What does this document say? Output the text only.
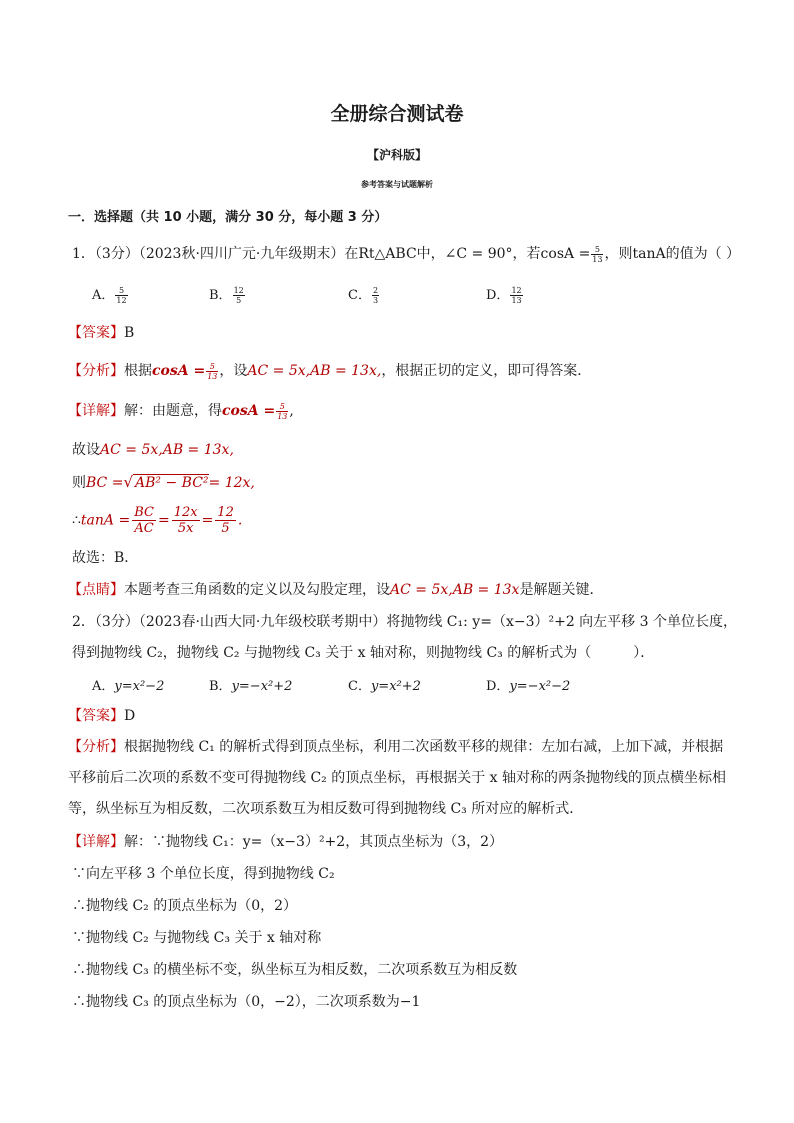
全册综合测试卷
【沪科版】
参考答案与试题解析
一．选择题（共 10 小题，满分 30 分，每小题 3 分）
1．（3分）（2023秋·四川广元·九年级期末）在Rt△ABC中，∠C = 90°，若$\cos A = \frac{5}{13}$ ，则tanA的值为（ ）
A． $\frac{5}{12}$	B． $\frac{12}{5}$	C． $\frac{2}{3}$	D． $\frac{12}{13}$
【答案】B
【分析】根据$\cos A = \frac{5}{13}$ ，设AC = 5x,AB = 13x,，根据正切的定义，即可得答案．
【详解】解：由题意，得$\cos A = \frac{5}{13}$ ,
故设AC = 5x,AB = 13x,
则BC =√ AB² − BC²= 12x,
∴tanA = $\frac{BC}{AC} = \frac{12x}{5x} = \frac{12}{5}$ .
故选：B．
【点睛】本题考查三角函数的定义以及勾股定理，设AC = 5x,AB = 13x是解题关键．
2．（3分）（2023春·山西大同·九年级校联考期中）将抛物线 C₁: y=（x−3）²+2 向左平移 3 个单位长度，
得到抛物线 C₂，抛物线 C₂ 与抛物线 C₃ 关于 x 轴对称，则抛物线 C₃ 的解析式为（　　　）．
A．y=x²−2	B．y=−x²+2	C．y=x²+2	D．y=−x²−2
【答案】D
【分析】根据抛物线 C₁ 的解析式得到顶点坐标，利用二次函数平移的规律：左加右减，上加下减，并根据
平移前后二次项的系数不变可得抛物线 C₂ 的顶点坐标，再根据关于 x 轴对称的两条抛物线的顶点横坐标相
等，纵坐标互为相反数，二次项系数互为相反数可得到抛物线 C₃ 所对应的解析式．
【详解】解：∵抛物线 C₁：y=（x−3）²+2，其顶点坐标为（3，2）
∵向左平移 3 个单位长度，得到抛物线 C₂
∴抛物线 C₂ 的顶点坐标为（0，2）
∵抛物线 C₂ 与抛物线 C₃ 关于 x 轴对称
∴抛物线 C₃ 的横坐标不变，纵坐标互为相反数，二次项系数互为相反数
∴抛物线 C₃ 的顶点坐标为（0，−2），二次项系数为−1
